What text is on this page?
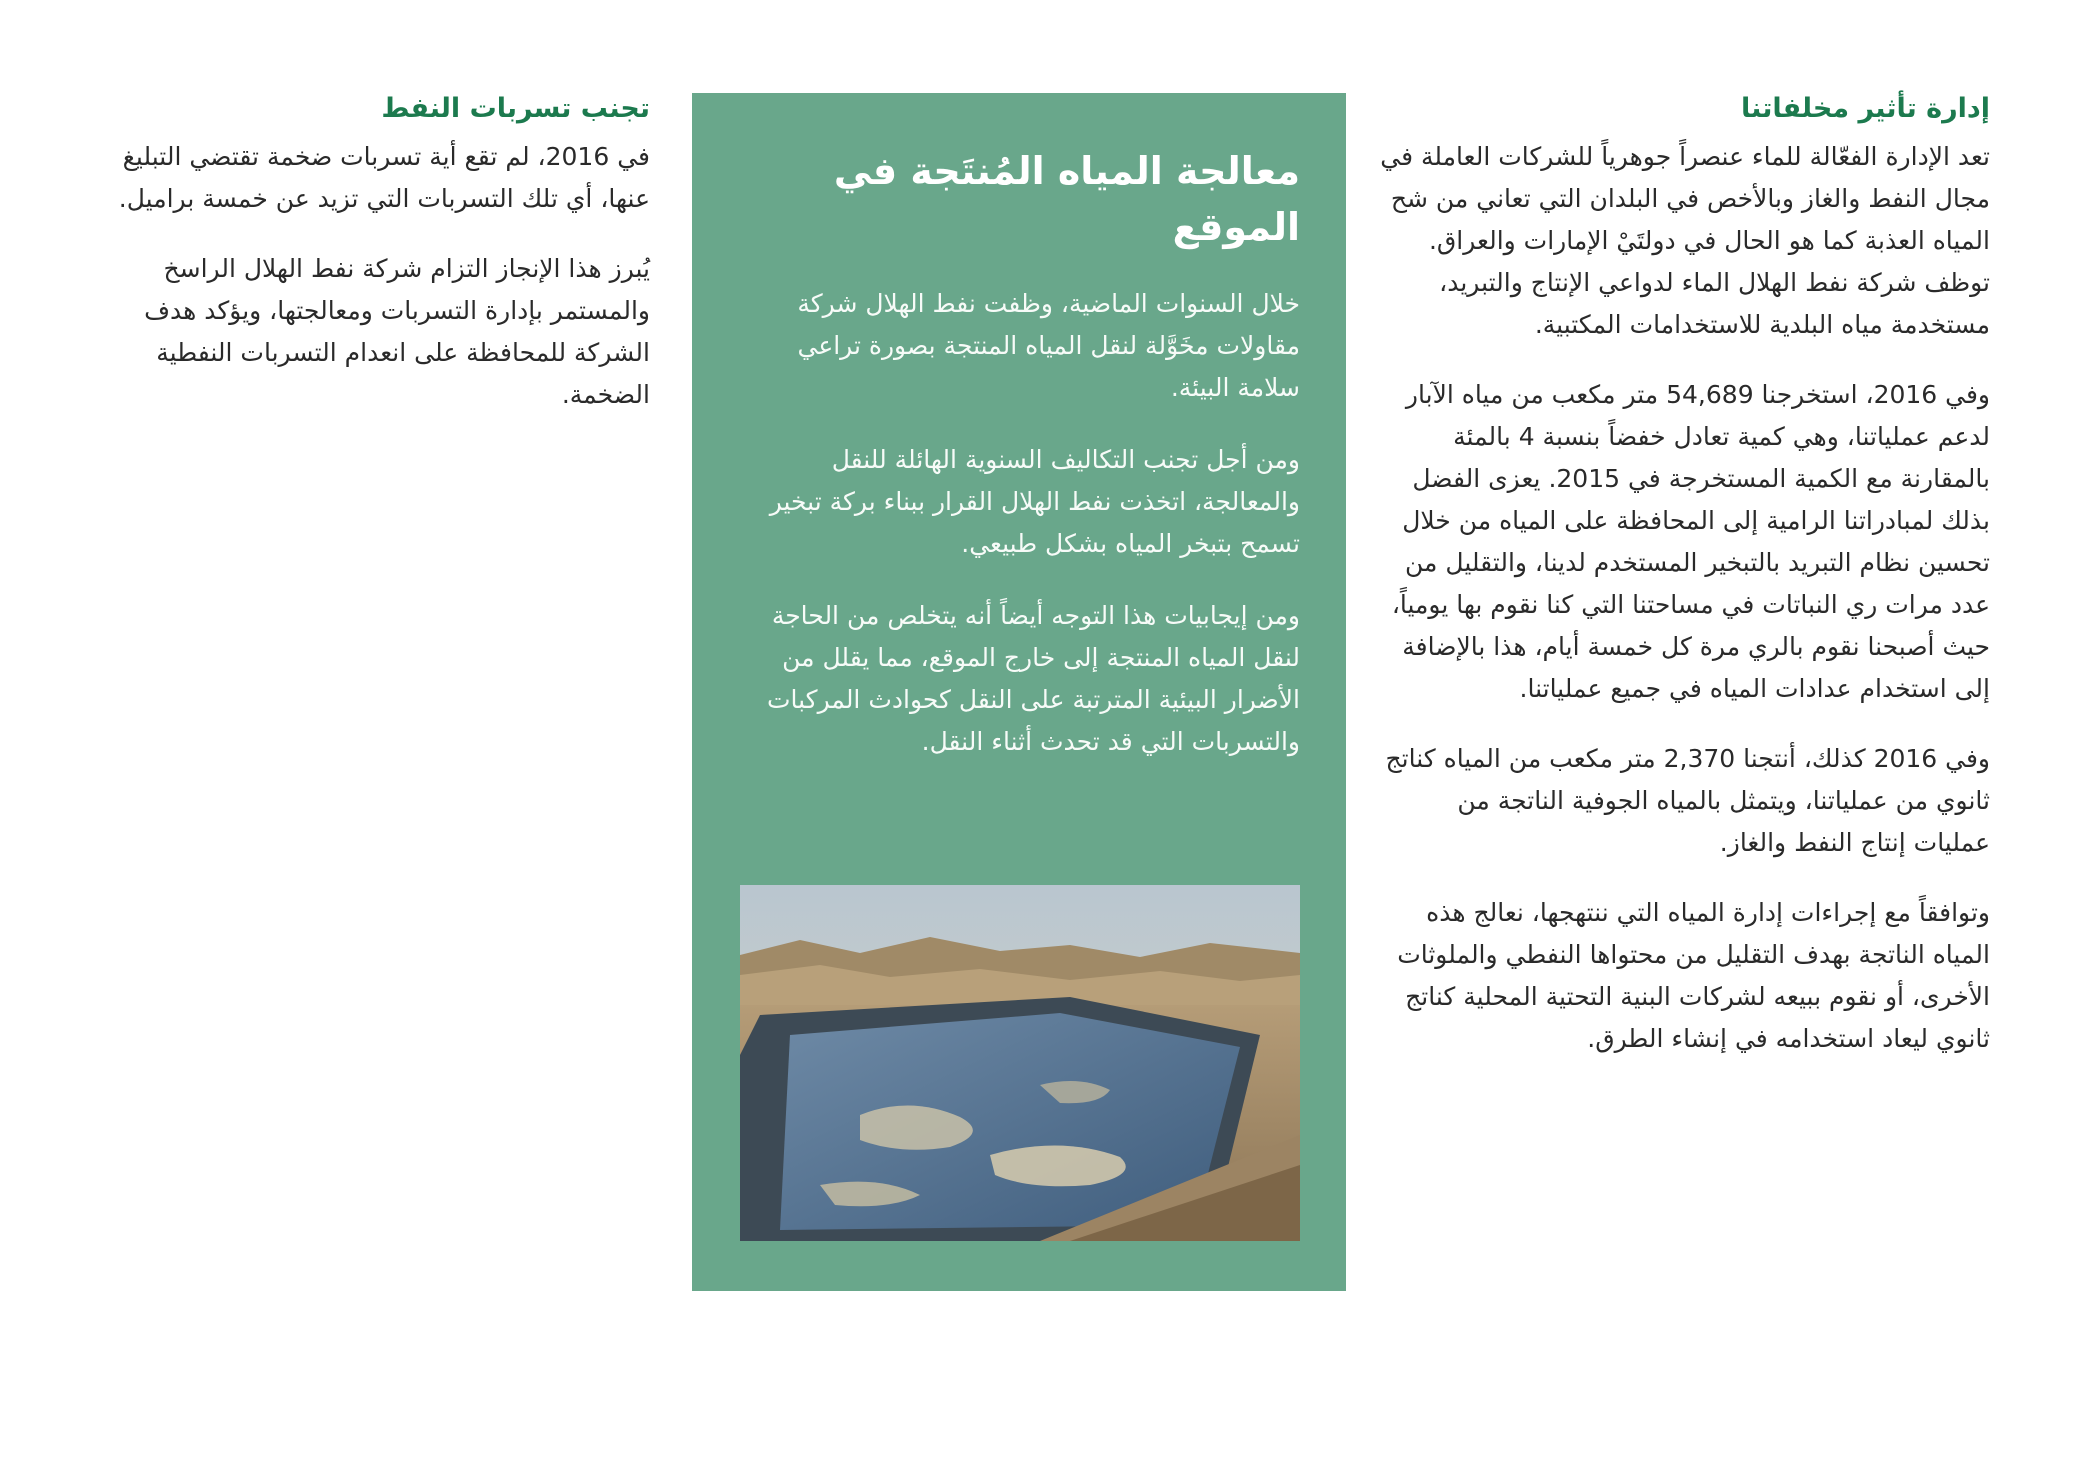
إدارة تأثير مخلفاتنا

تعد الإدارة الفعّالة للماء عنصراً جوهرياً للشركات العاملة في مجال النفط والغاز وبالأخص في البلدان التي تعاني من شح المياه العذبة كما هو الحال في دولتَيْ الإمارات والعراق. توظف شركة نفط الهلال الماء لدواعي الإنتاج والتبريد، مستخدمة مياه البلدية للاستخدامات المكتبية.

وفي 2016، استخرجنا 54,689 متر مكعب من مياه الآبار لدعم عملياتنا، وهي كمية تعادل خفضاً بنسبة 4 بالمئة بالمقارنة مع الكمية المستخرجة في 2015. يعزى الفضل بذلك لمبادراتنا الرامية إلى المحافظة على المياه من خلال تحسين نظام التبريد بالتبخير المستخدم لدينا، والتقليل من عدد مرات ري النباتات في مساحتنا التي كنا نقوم بها يومياً، حيث أصبحنا نقوم بالري مرة كل خمسة أيام، هذا بالإضافة إلى استخدام عدادات المياه في جميع عملياتنا.

وفي 2016 كذلك، أنتجنا 2,370 متر مكعب من المياه كناتج ثانوي من عملياتنا، ويتمثل بالمياه الجوفية الناتجة من عمليات إنتاج النفط والغاز.

وتوافقاً مع إجراءات إدارة المياه التي ننتهجها، نعالج هذه المياه الناتجة بهدف التقليل من محتواها النفطي والملوثات الأخرى، أو نقوم ببيعه لشركات البنية التحتية المحلية كناتج ثانوي ليعاد استخدامه في إنشاء الطرق.

معالجة المياه المُنتَجة في الموقع

خلال السنوات الماضية، وظفت نفط الهلال شركة مقاولات مخَوَّلة لنقل المياه المنتجة بصورة تراعي سلامة البيئة.

ومن أجل تجنب التكاليف السنوية الهائلة للنقل والمعالجة، اتخذت نفط الهلال القرار ببناء بركة تبخير تسمح بتبخر المياه بشكل طبيعي.

ومن إيجابيات هذا التوجه أيضاً أنه يتخلص من الحاجة لنقل المياه المنتجة إلى خارج الموقع، مما يقلل من الأضرار البيئية المترتبة على النقل كحوادث المركبات والتسربات التي قد تحدث أثناء النقل.

تجنب تسربات النفط

في 2016، لم تقع أية تسربات ضخمة تقتضي التبليغ عنها، أي تلك التسربات التي تزيد عن خمسة براميل.

يُبرز هذا الإنجاز التزام شركة نفط الهلال الراسخ والمستمر بإدارة التسربات ومعالجتها، ويؤكد هدف الشركة للمحافظة على انعدام التسربات النفطية الضخمة.
